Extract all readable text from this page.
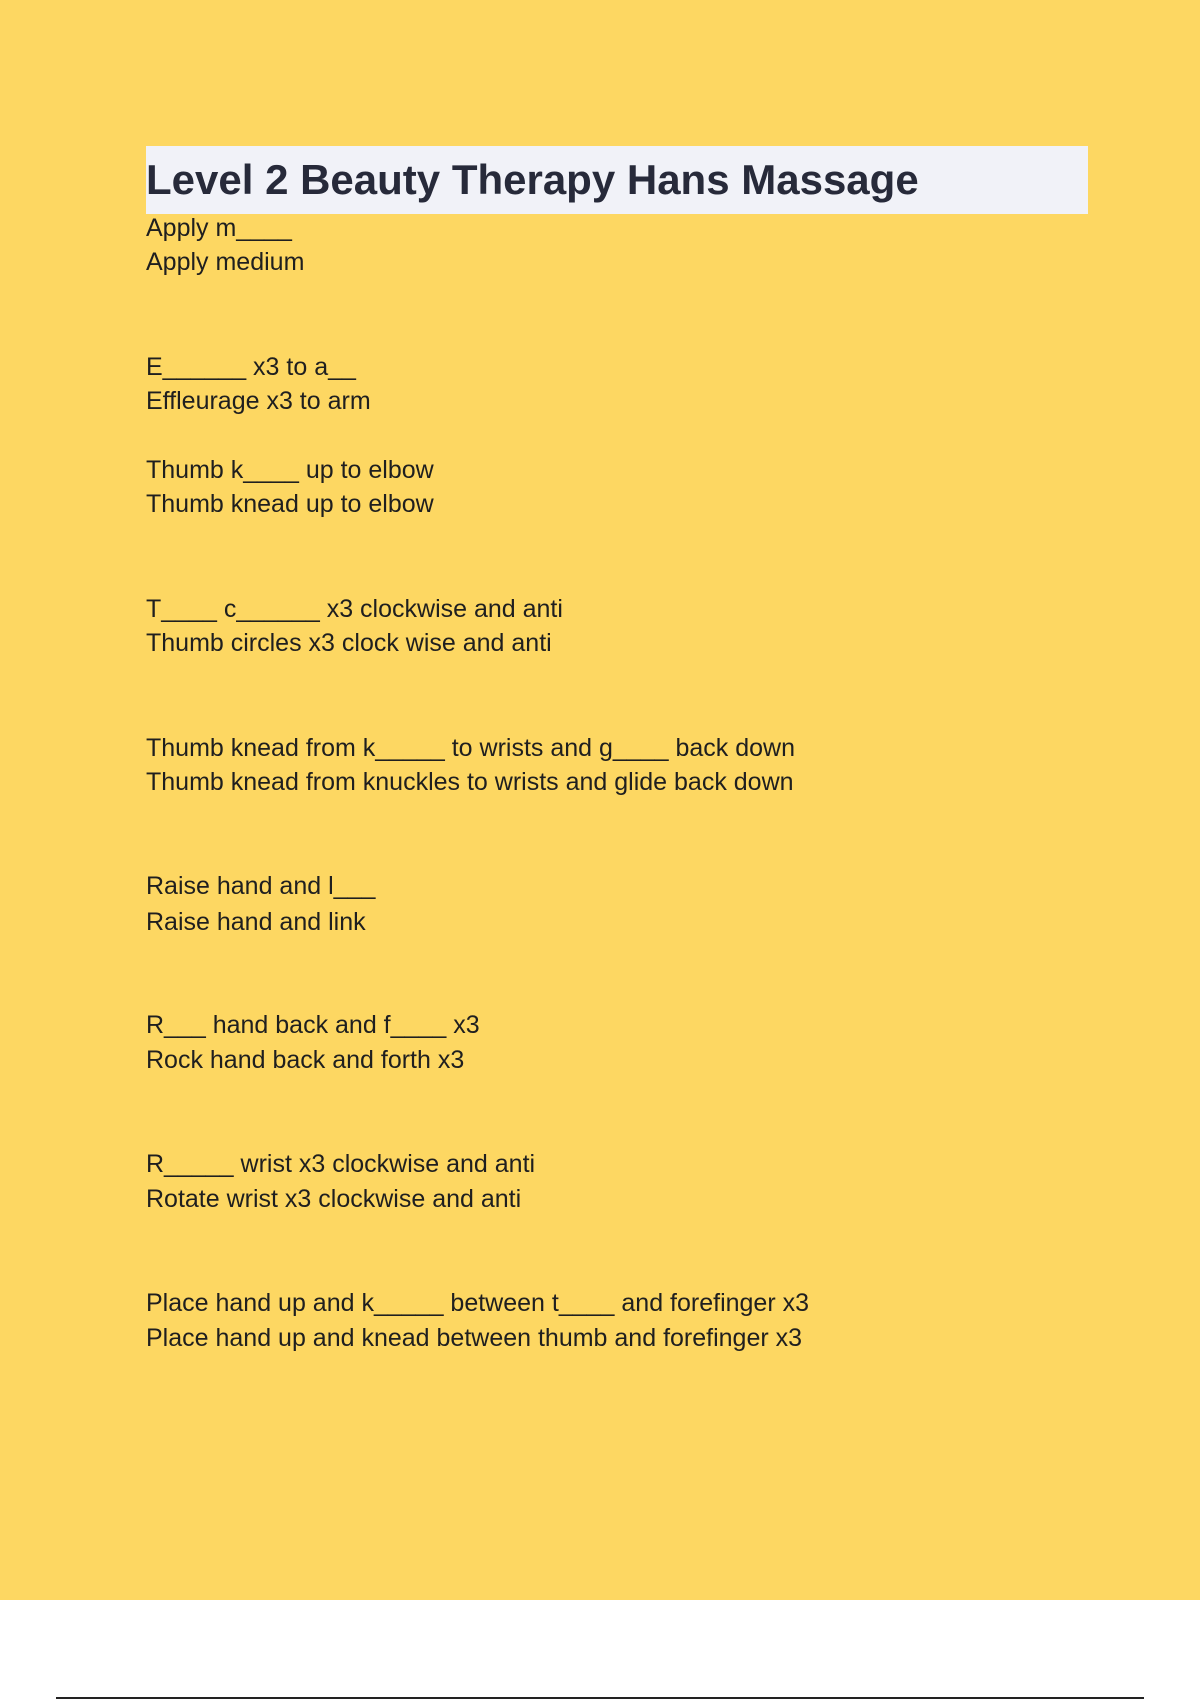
Level 2 Beauty Therapy Hans Massage
Apply m____
Apply medium
E______ x3 to a__
Effleurage x3 to arm
Thumb k____ up to elbow
Thumb knead up to elbow
T____ c______ x3 clockwise and anti
Thumb circles x3 clock wise and anti
Thumb knead from k_____ to wrists and g____ back down
Thumb knead from knuckles to wrists and glide back down
Raise hand and l___
Raise hand and link
R___ hand back and f____ x3
Rock hand back and forth x3
R_____ wrist x3 clockwise and anti
Rotate wrist x3 clockwise and anti
Place hand up and k_____ between t____ and forefinger x3
Place hand up and knead between thumb and forefinger x3
